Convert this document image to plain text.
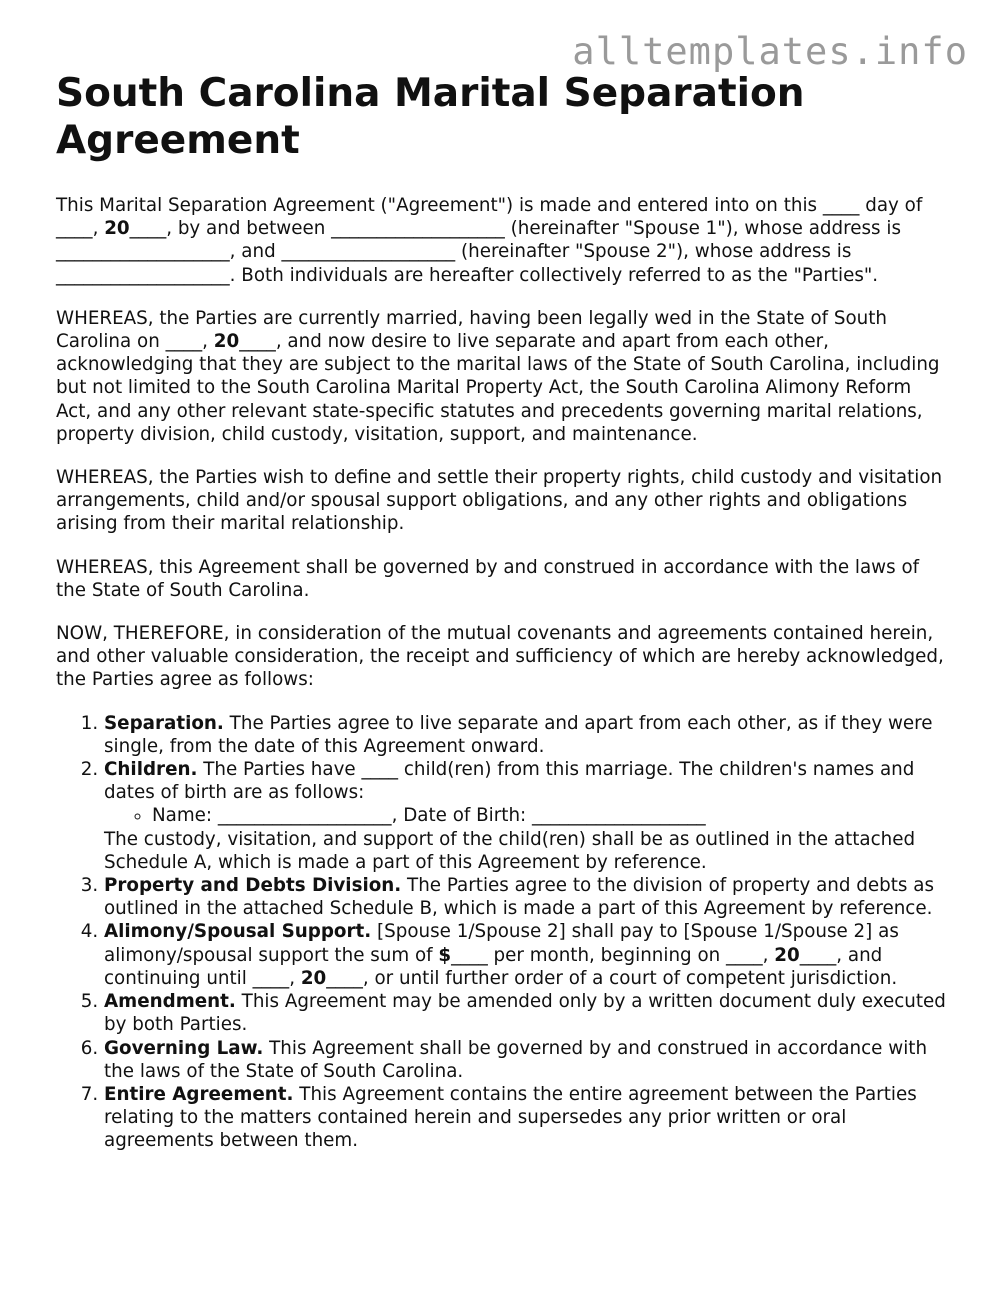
alltemplates.info
South Carolina Marital Separation Agreement

This Marital Separation Agreement ("Agreement") is made and entered into on this ____ day of ____, 20____, by and between ___________________ (hereinafter "Spouse 1"), whose address is ___________________, and ___________________ (hereinafter "Spouse 2"), whose address is ___________________. Both individuals are hereafter collectively referred to as the "Parties".

WHEREAS, the Parties are currently married, having been legally wed in the State of South Carolina on ____, 20____, and now desire to live separate and apart from each other, acknowledging that they are subject to the marital laws of the State of South Carolina, including but not limited to the South Carolina Marital Property Act, the South Carolina Alimony Reform Act, and any other relevant state-specific statutes and precedents governing marital relations, property division, child custody, visitation, support, and maintenance.

WHEREAS, the Parties wish to define and settle their property rights, child custody and visitation arrangements, child and/or spousal support obligations, and any other rights and obligations arising from their marital relationship.

WHEREAS, this Agreement shall be governed by and construed in accordance with the laws of the State of South Carolina.

NOW, THEREFORE, in consideration of the mutual covenants and agreements contained herein, and other valuable consideration, the receipt and sufficiency of which are hereby acknowledged, the Parties agree as follows:

1. Separation. The Parties agree to live separate and apart from each other, as if they were single, from the date of this Agreement onward.
2. Children. The Parties have ____ child(ren) from this marriage. The children's names and dates of birth are as follows:
◦ Name: ___________________, Date of Birth: ___________________
The custody, visitation, and support of the child(ren) shall be as outlined in the attached Schedule A, which is made a part of this Agreement by reference.
3. Property and Debts Division. The Parties agree to the division of property and debts as outlined in the attached Schedule B, which is made a part of this Agreement by reference.
4. Alimony/Spousal Support. [Spouse 1/Spouse 2] shall pay to [Spouse 1/Spouse 2] as alimony/spousal support the sum of $____ per month, beginning on ____, 20____, and continuing until ____, 20____, or until further order of a court of competent jurisdiction.
5. Amendment. This Agreement may be amended only by a written document duly executed by both Parties.
6. Governing Law. This Agreement shall be governed by and construed in accordance with the laws of the State of South Carolina.
7. Entire Agreement. This Agreement contains the entire agreement between the Parties relating to the matters contained herein and supersedes any prior written or oral agreements between them.
